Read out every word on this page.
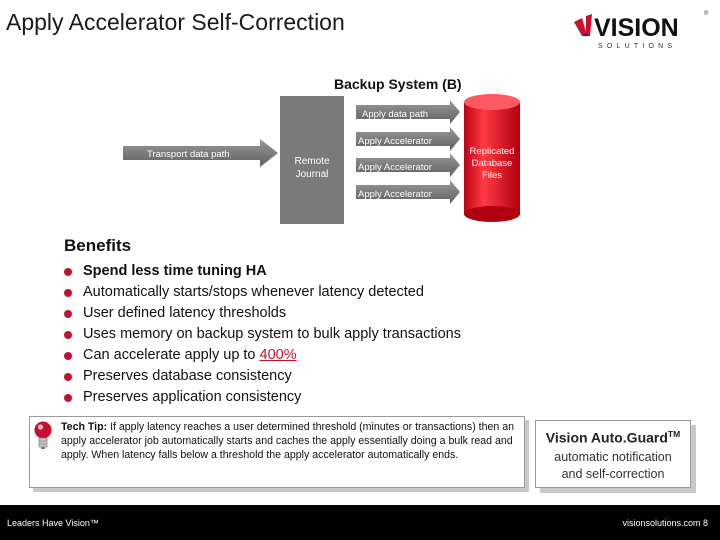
Apply Accelerator Self-Correction	VISION
SOLUTIONS
®
Backup System (B)
Remote
Journal
Transport data path
Apply data path
Apply Accelerator
Apply Accelerator
Apply Accelerator
Replicated
Database
Files
Benefits
Spend less time tuning HA
Automatically starts/stops whenever latency detected
User defined latency thresholds
Uses memory on backup system to bulk apply transactions
Can accelerate apply up to 400%
Preserves database consistency
Preserves application consistency
Tech Tip: If apply latency reaches a user determined threshold (minutes or transactions) then an apply accelerator job automatically starts and caches the apply essentially doing a bulk read and apply. When latency falls below a threshold the apply accelerator automatically ends.
Vision Auto.Guard™
automatic notification
and self-correction
Leaders Have Vision™	visionsolutions.com 8
